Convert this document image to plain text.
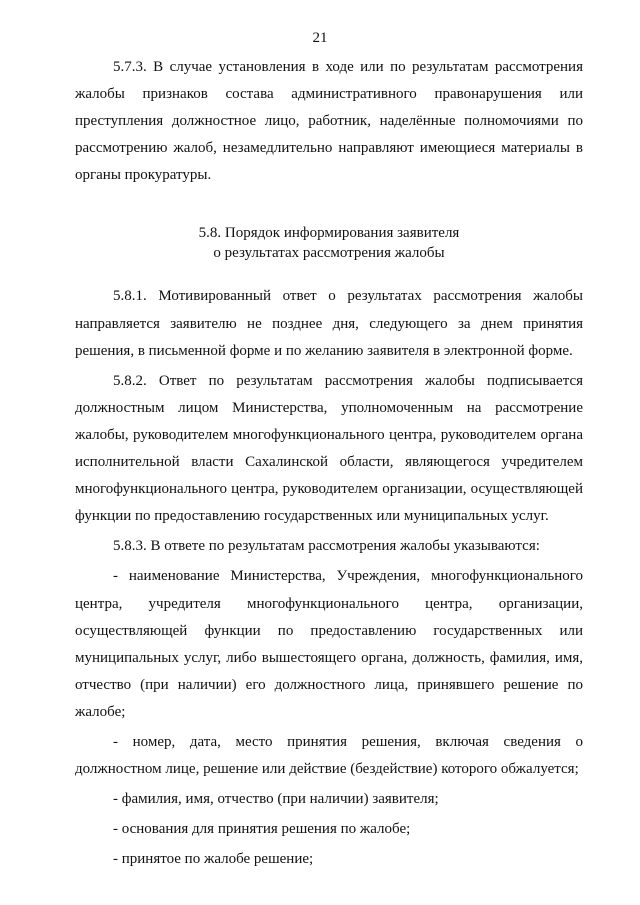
21

5.7.3. В случае установления в ходе или по результатам рассмотрения жалобы признаков состава административного правонарушения или преступления должностное лицо, работник, наделённые полномочиями по рассмотрению жалоб, незамедлительно направляют имеющиеся материалы в органы прокуратуры.

5.8. Порядок информирования заявителя
о результатах рассмотрения жалобы

5.8.1. Мотивированный ответ о результатах рассмотрения жалобы направляется заявителю не позднее дня, следующего за днем принятия решения, в письменной форме и по желанию заявителя в электронной форме.

5.8.2. Ответ по результатам рассмотрения жалобы подписывается должностным лицом Министерства, уполномоченным на рассмотрение жалобы, руководителем многофункционального центра, руководителем органа исполнительной власти Сахалинской области, являющегося учредителем многофункционального центра, руководителем организации, осуществляющей функции по предоставлению государственных или муниципальных услуг.

5.8.3. В ответе по результатам рассмотрения жалобы указываются:

- наименование Министерства, Учреждения, многофункционального центра, учредителя многофункционального центра, организации, осуществляющей функции по предоставлению государственных или муниципальных услуг, либо вышестоящего органа, должность, фамилия, имя, отчество (при наличии) его должностного лица, принявшего решение по жалобе;

- номер, дата, место принятия решения, включая сведения о должностном лице, решение или действие (бездействие) которого обжалуется;

- фамилия, имя, отчество (при наличии) заявителя;

- основания для принятия решения по жалобе;

- принятое по жалобе решение;
